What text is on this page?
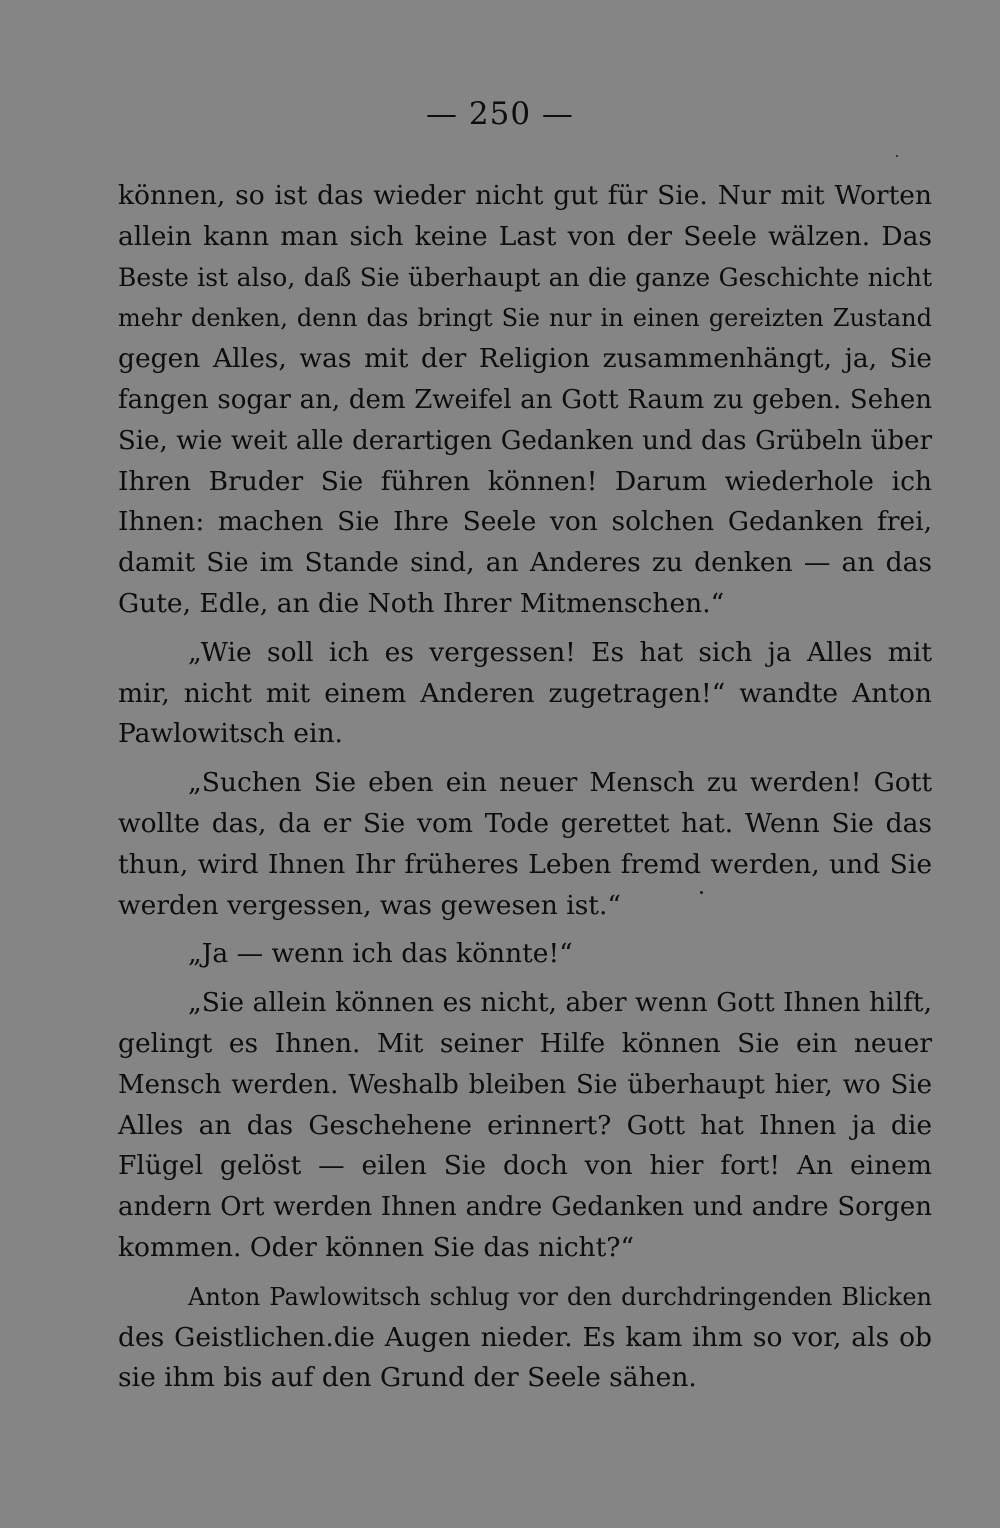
— 250 —
können, so ist das wieder nicht gut für Sie. Nur mit Worten
allein kann man sich keine Last von der Seele wälzen. Das
Beste ist also, daß Sie überhaupt an die ganze Geschichte nicht
mehr denken, denn das bringt Sie nur in einen gereizten Zustand
gegen Alles, was mit der Religion zusammenhängt, ja, Sie
fangen sogar an, dem Zweifel an Gott Raum zu geben. Sehen
Sie, wie weit alle derartigen Gedanken und das Grübeln über
Ihren Bruder Sie führen können! Darum wiederhole ich
Ihnen: machen Sie Ihre Seele von solchen Gedanken frei,
damit Sie im Stande sind, an Anderes zu denken — an das
Gute, Edle, an die Noth Ihrer Mitmenschen.“
„Wie soll ich es vergessen! Es hat sich ja Alles mit
mir, nicht mit einem Anderen zugetragen!“ wandte Anton
Pawlowitsch ein.
„Suchen Sie eben ein neuer Mensch zu werden! Gott
wollte das, da er Sie vom Tode gerettet hat. Wenn Sie das
thun, wird Ihnen Ihr früheres Leben fremd werden, und Sie
werden vergessen, was gewesen ist.“
„Ja — wenn ich das könnte!“
„Sie allein können es nicht, aber wenn Gott Ihnen hilft,
gelingt es Ihnen. Mit seiner Hilfe können Sie ein neuer
Mensch werden. Weshalb bleiben Sie überhaupt hier, wo Sie
Alles an das Geschehene erinnert? Gott hat Ihnen ja die
Flügel gelöst — eilen Sie doch von hier fort! An einem
andern Ort werden Ihnen andre Gedanken und andre Sorgen
kommen. Oder können Sie das nicht?“
Anton Pawlowitsch schlug vor den durchdringenden Blicken
des Geistlichen.die Augen nieder. Es kam ihm so vor, als ob
sie ihm bis auf den Grund der Seele sähen.
